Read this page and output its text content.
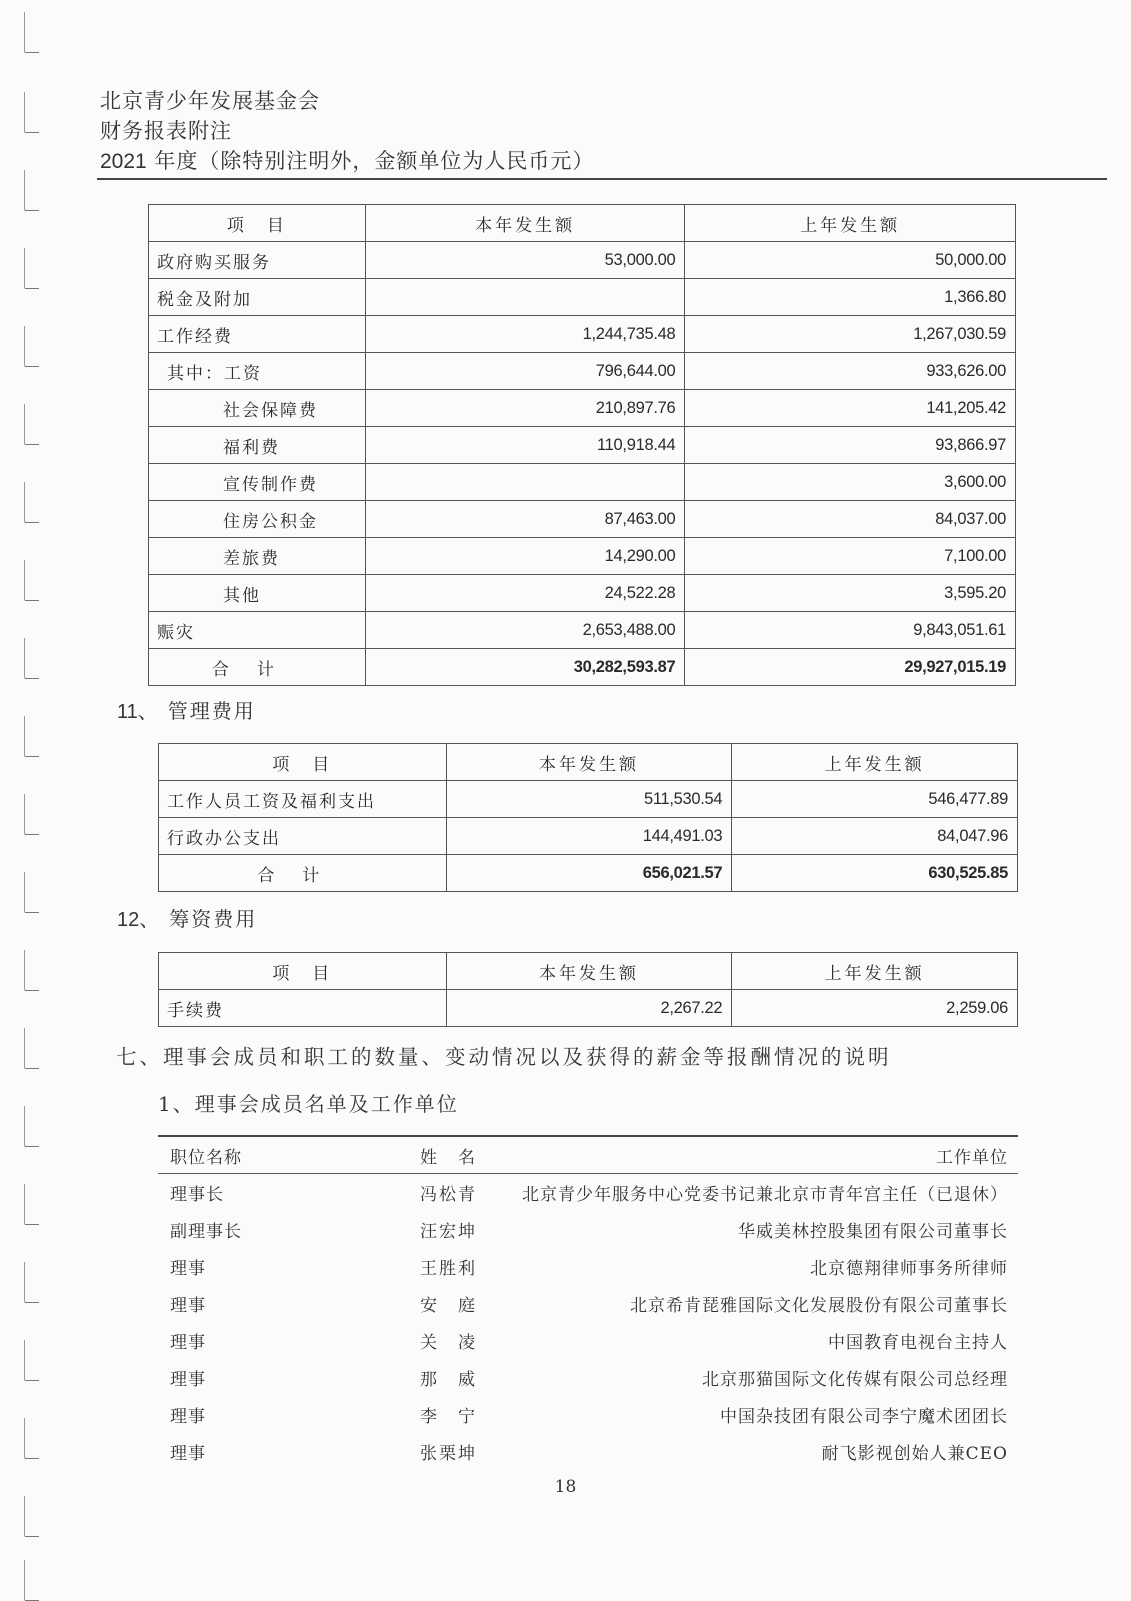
北京青少年发展基金会
财务报表附注
2021 年度（除特别注明外，金额单位为人民币元）
项　目	本年发生额	上年发生额
政府购买服务	53,000.00	50,000.00
税金及附加		1,366.80
工作经费	1,244,735.48	1,267,030.59
其中：工资	796,644.00	933,626.00
社会保障费	210,897.76	141,205.42
福利费	110,918.44	93,866.97
宣传制作费		3,600.00
住房公积金	87,463.00	84,037.00
差旅费	14,290.00	7,100.00
其他	24,522.28	3,595.20
赈灾	2,653,488.00	9,843,051.61
合计	30,282,593.87	29,927,015.19
11、 管理费用
项　目	本年发生额	上年发生额
工作人员工资及福利支出	511,530.54	546,477.89
行政办公支出	144,491.03	84,047.96
合计	656,021.57	630,525.85
12、 筹资费用
项　目	本年发生额	上年发生额
手续费	2,267.22	2,259.06
七、理事会成员和职工的数量、变动情况以及获得的薪金等报酬情况的说明
1、理事会成员名单及工作单位
职位名称	姓　名	工作单位
理事长	冯松青	北京青少年服务中心党委书记兼北京市青年宫主任（已退休）
副理事长	汪宏坤	华威美林控股集团有限公司董事长
理事	王胜利	北京德翔律师事务所律师
理事	安　庭	北京希肯琵雅国际文化发展股份有限公司董事长
理事	关　凌	中国教育电视台主持人
理事	那　威	北京那猫国际文化传媒有限公司总经理
理事	李　宁	中国杂技团有限公司李宁魔术团团长
理事	张栗坤	耐飞影视创始人兼CEO
18
